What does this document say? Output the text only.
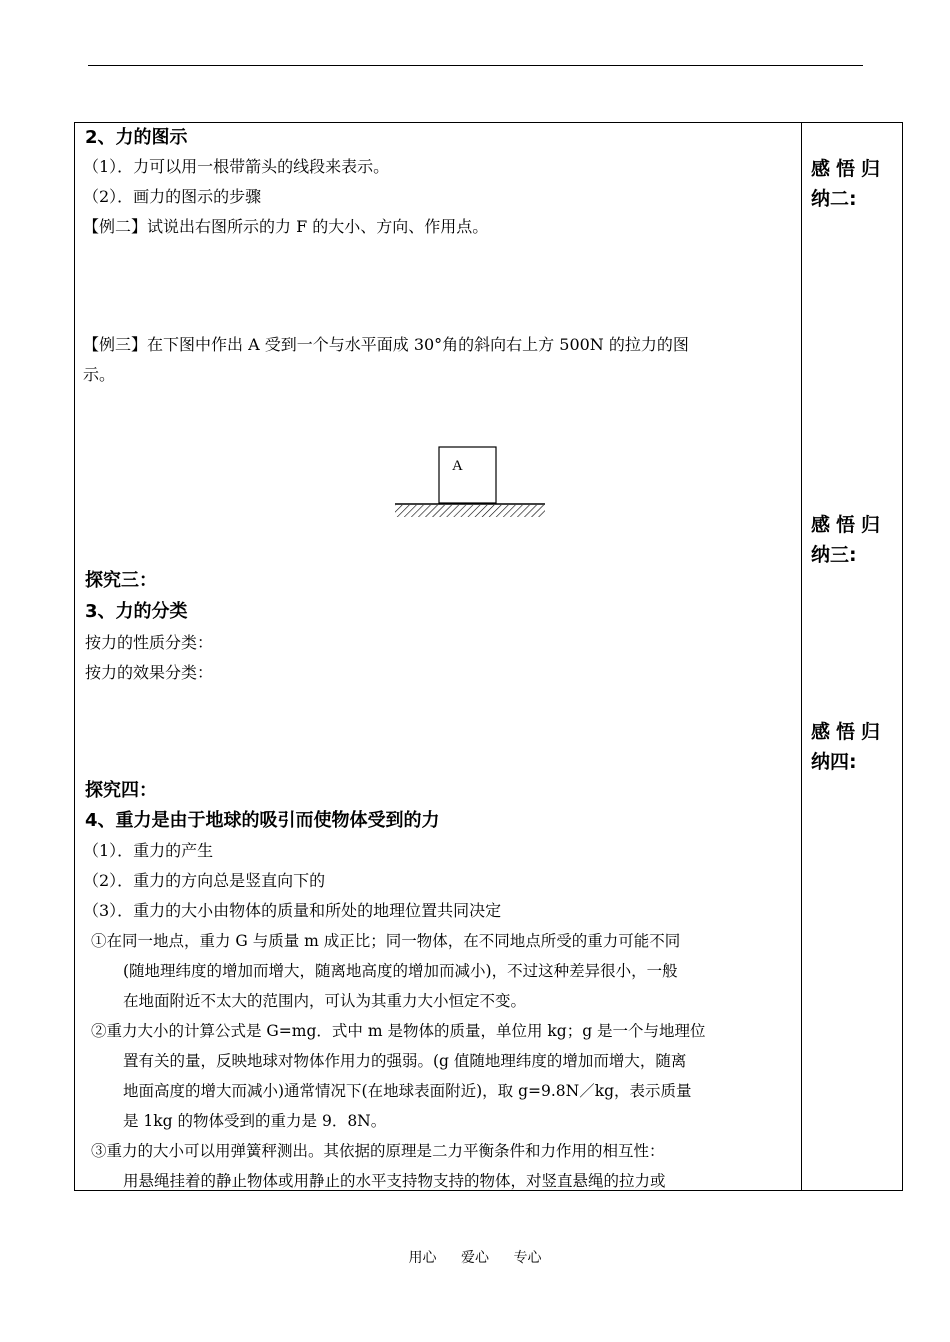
2、力的图示
（1）．力可以用一根带箭头的线段来表示。
（2）．画力的图示的步骤
【例二】试说出右图所示的力 F 的大小、方向、作用点。
【例三】在下图中作出 A 受到一个与水平面成 30°角的斜向右上方 500N 的拉力的图
示。
A
探究三：
3、力的分类
按力的性质分类：
按力的效果分类：
探究四：
4、重力是由于地球的吸引而使物体受到的力
（1）．重力的产生
（2）．重力的方向总是竖直向下的
（3）．重力的大小由物体的质量和所处的地理位置共同决定
①在同一地点，重力 G 与质量 m 成正比；同一物体，在不同地点所受的重力可能不同
(随地理纬度的增加而增大，随离地高度的增加而减小)，不过这种差异很小，一般
在地面附近不太大的范围内，可认为其重力大小恒定不变。
②重力大小的计算公式是 G=mg．式中 m 是物体的质量，单位用 kg；g 是一个与地理位
置有关的量，反映地球对物体作用力的强弱。(g 值随地理纬度的增加而增大，随离
地面高度的增大而减小)通常情况下(在地球表面附近)，取 g=9.8N／kg，表示质量
是 1kg 的物体受到的重力是 9．8N。
③重力的大小可以用弹簧秤测出。其依据的原理是二力平衡条件和力作用的相互性：
用悬绳挂着的静止物体或用静止的水平支持物支持的物体，对竖直悬绳的拉力或
感悟归
纳二:
感悟归
纳三:
感悟归
纳四:
用心 爱心 专心
